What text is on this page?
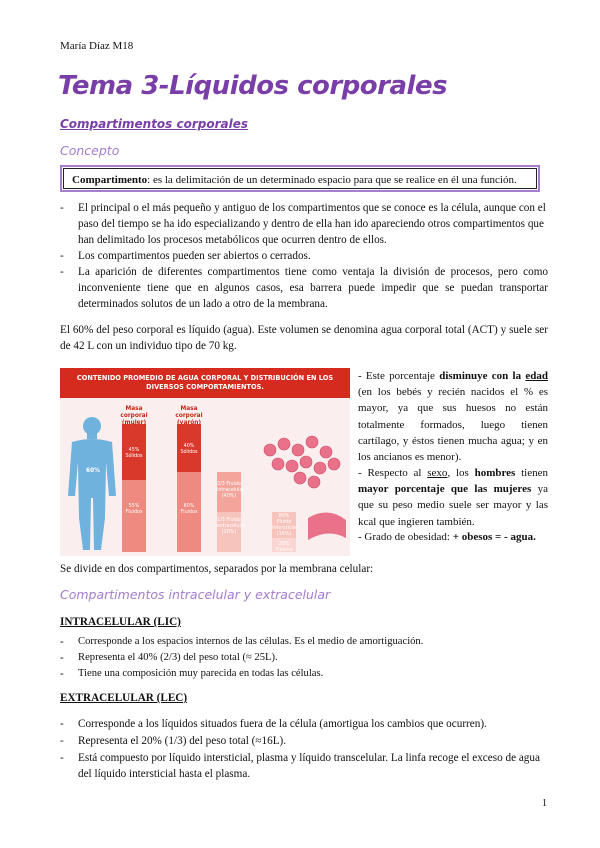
María Díaz M18
Tema 3-Líquidos corporales
Compartimentos corporales
Concepto
Compartimento: es la delimitación de un determinado espacio para que se realice en él una función.
- El principal o el más pequeño y antiguo de los compartimentos que se conoce es la célula, aunque con el paso del tiempo se ha ido especializando y dentro de ella han ido apareciendo otros compartimentos que han delimitado los procesos metabólicos que ocurren dentro de ellos.
- Los compartimentos pueden ser abiertos o cerrados.
- La aparición de diferentes compartimentos tiene como ventaja la división de procesos, pero como inconveniente tiene que en algunos casos, esa barrera puede impedir que se puedan transportar determinados solutos de un lado a otro de la membrana.
El 60% del peso corporal es líquido (agua). Este volumen se denomina agua corporal total (ACT) y suele ser de 42 L con un individuo tipo de 70 kg.
CONTENIDO PROMEDIO DE AGUA CORPORAL Y DISTRIBUCIÓN EN LOS DIVERSOS COMPORTAMIENTOS.
60%
Masa corporal (mujer)
Masa corporal (varón)
45% Sólidos
55% Fluidos
40% Sólidos
60% Fluidos
2/3 Fluido intracelular (40%)
1/3 Fluido extracelular (20%)
80% Fluido intersticial (16%)
20% Plasma
- Este porcentaje disminuye con la edad (en los bebés y recién nacidos el % es mayor, ya que sus huesos no están totalmente formados, luego tienen cartílago, y éstos tienen mucha agua; y en los ancianos es menor).
- Respecto al sexo, los hombres tienen mayor porcentaje que las mujeres ya que su peso medio suele ser mayor y las kcal que ingieren también.
- Grado de obesidad: + obesos = - agua.
Se divide en dos compartimentos, separados por la membrana celular:
Compartimentos intracelular y extracelular
INTRACELULAR (LIC)
- Corresponde a los espacios internos de las células. Es el medio de amortiguación.
- Representa el 40% (2/3) del peso total (≈ 25L).
- Tiene una composición muy parecida en todas las células.
EXTRACELULAR (LEC)
- Corresponde a los líquidos situados fuera de la célula (amortigua los cambios que ocurren).
- Representa el 20% (1/3) del peso total (≈16L).
- Está compuesto por líquido intersticial, plasma y líquido transcelular. La linfa recoge el exceso de agua del líquido intersticial hasta el plasma.
1
